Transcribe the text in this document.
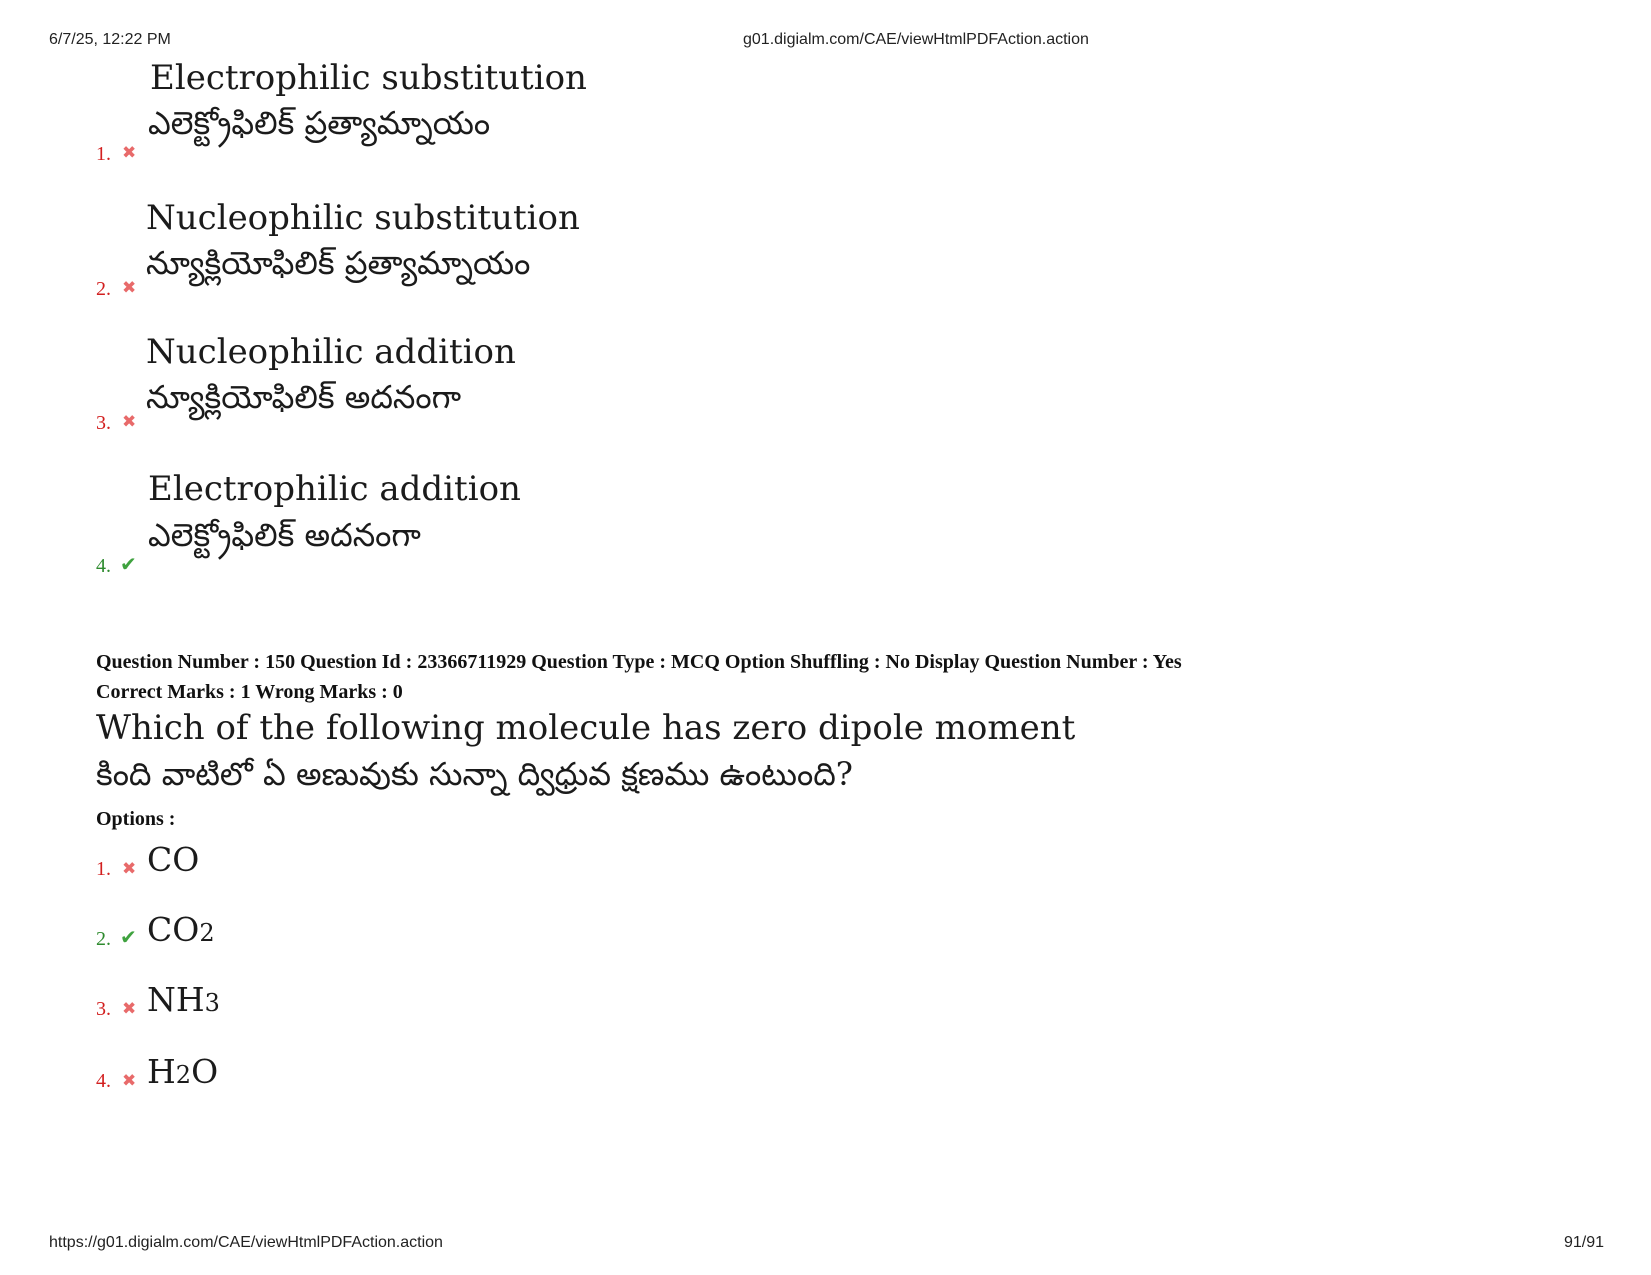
6/7/25, 12:22 PM	g01.digialm.com/CAE/viewHtmlPDFAction.action
1. ✖
Electrophilic substitution
ఎలెక్ట్రోఫిలిక్ ప్రత్యామ్నాయం
2. ✖
Nucleophilic substitution
న్యూక్లియోఫిలిక్ ప్రత్యామ్నాయం
3. ✖
Nucleophilic addition
న్యూక్లియోఫిలిక్ అదనంగా
4. ✔
Electrophilic addition
ఎలెక్ట్రోఫిలిక్ అదనంగా
Question Number : 150 Question Id : 23366711929 Question Type : MCQ Option Shuffling : No Display Question Number : Yes
Correct Marks : 1 Wrong Marks : 0
Which of the following molecule has zero dipole moment
కింది వాటిలో ఏ అణువుకు సున్నా ద్విధ్రువ క్షణము ఉంటుంది?
Options :
1. ✖ CO
2. ✔ CO2
3. ✖ NH3
4. ✖ H2O
https://g01.digialm.com/CAE/viewHtmlPDFAction.action	91/91
